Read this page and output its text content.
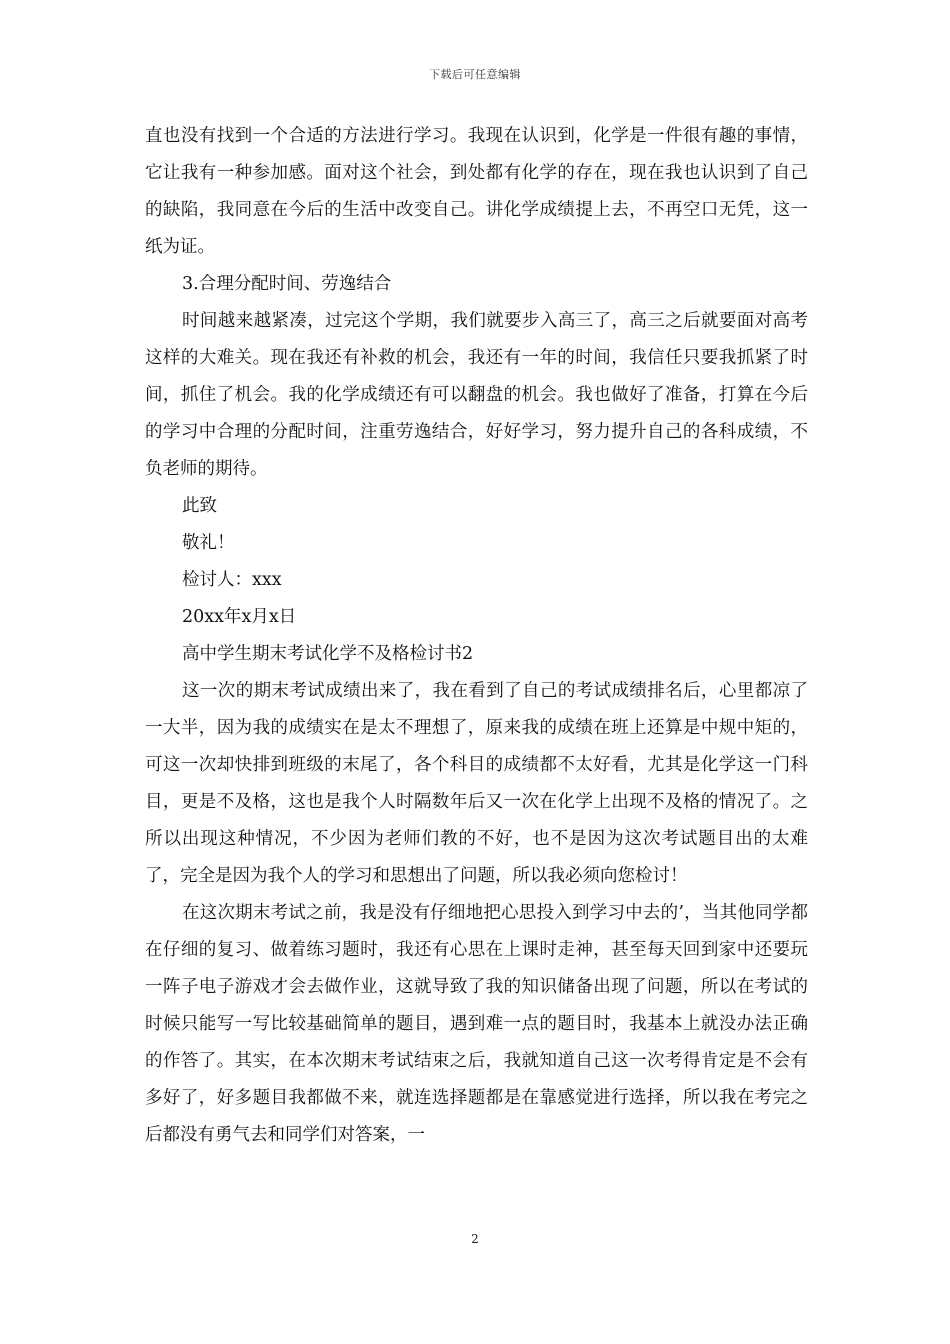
下载后可任意编辑

直也没有找到一个合适的方法进行学习。我现在认识到，化学是一件很有趣的事情，它让我有一种参加感。面对这个社会，到处都有化学的存在，现在我也认识到了自己的缺陷，我同意在今后的生活中改变自己。讲化学成绩提上去，不再空口无凭，这一纸为证。

3.合理分配时间、劳逸结合

时间越来越紧凑，过完这个学期，我们就要步入高三了，高三之后就要面对高考这样的大难关。现在我还有补救的机会，我还有一年的时间，我信任只要我抓紧了时间，抓住了机会。我的化学成绩还有可以翻盘的机会。我也做好了准备，打算在今后的学习中合理的分配时间，注重劳逸结合，好好学习，努力提升自己的各科成绩，不负老师的期待。

此致

敬礼！

检讨人：xxx

20xx年x月x日

高中学生期末考试化学不及格检讨书2

这一次的期末考试成绩出来了，我在看到了自己的考试成绩排名后，心里都凉了一大半，因为我的成绩实在是太不理想了，原来我的成绩在班上还算是中规中矩的，可这一次却快排到班级的末尾了，各个科目的成绩都不太好看，尤其是化学这一门科目，更是不及格，这也是我个人时隔数年后又一次在化学上出现不及格的情况了。之所以出现这种情况，不少因为老师们教的不好，也不是因为这次考试题目出的太难了，完全是因为我个人的学习和思想出了问题，所以我必须向您检讨！

在这次期末考试之前，我是没有仔细地把心思投入到学习中去的’，当其他同学都在仔细的复习、做着练习题时，我还有心思在上课时走神，甚至每天回到家中还要玩一阵子电子游戏才会去做作业，这就导致了我的知识储备出现了问题，所以在考试的时候只能写一写比较基础简单的题目，遇到难一点的题目时，我基本上就没办法正确的作答了。其实，在本次期末考试结束之后，我就知道自己这一次考得肯定是不会有多好了，好多题目我都做不来，就连选择题都是在靠感觉进行选择，所以我在考完之后都没有勇气去和同学们对答案，一

2
